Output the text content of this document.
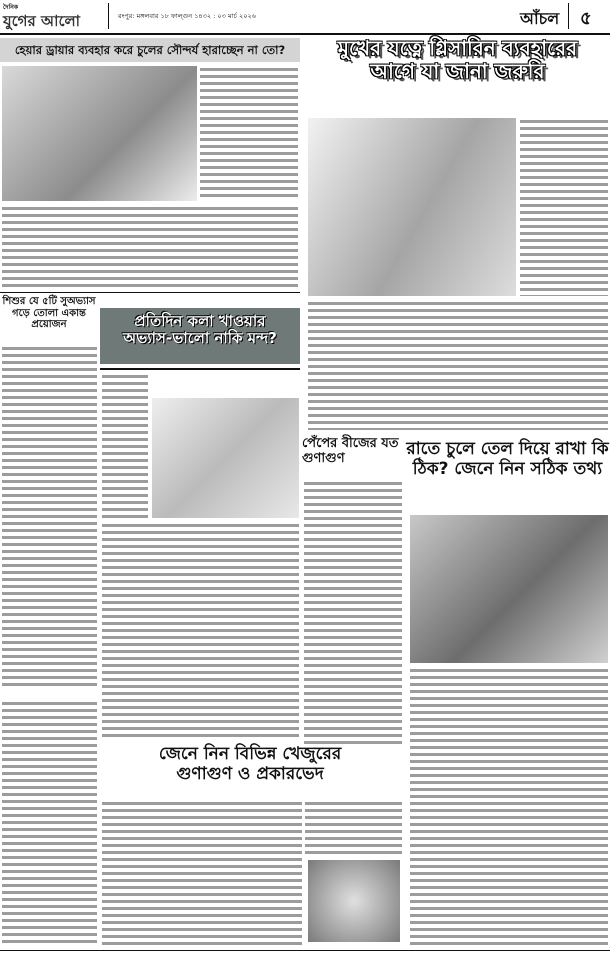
দৈনিক
যুগের আলো	রংপুর: মঙ্গলবার ১৮ ফাল্গুন ১৪৩২ : ০৩ মার্চ ২০২৬	আঁচল ৫
হেয়ার ড্রায়ার ব্যবহার করে চুলের সৌন্দর্য হারাচ্ছেন না তো?
শিশুর যে ৫টি সুঅভ্যাস গড়ে তোলা একান্ত প্রয়োজন	প্রতিদিন কলা খাওয়ার
অভ্যাস-ভালো নাকি মন্দ?
মুখের যত্নে গ্লিসারিন ব্যবহারের
আগে যা জানা জরুরি
পেঁপের বীজের যত গুণাগুণ	রাতে চুলে তেল দিয়ে রাখা কি
ঠিক? জেনে নিন সঠিক তথ্য
জেনে নিন বিভিন্ন খেজুরের
গুণাগুণ ও প্রকারভেদ
